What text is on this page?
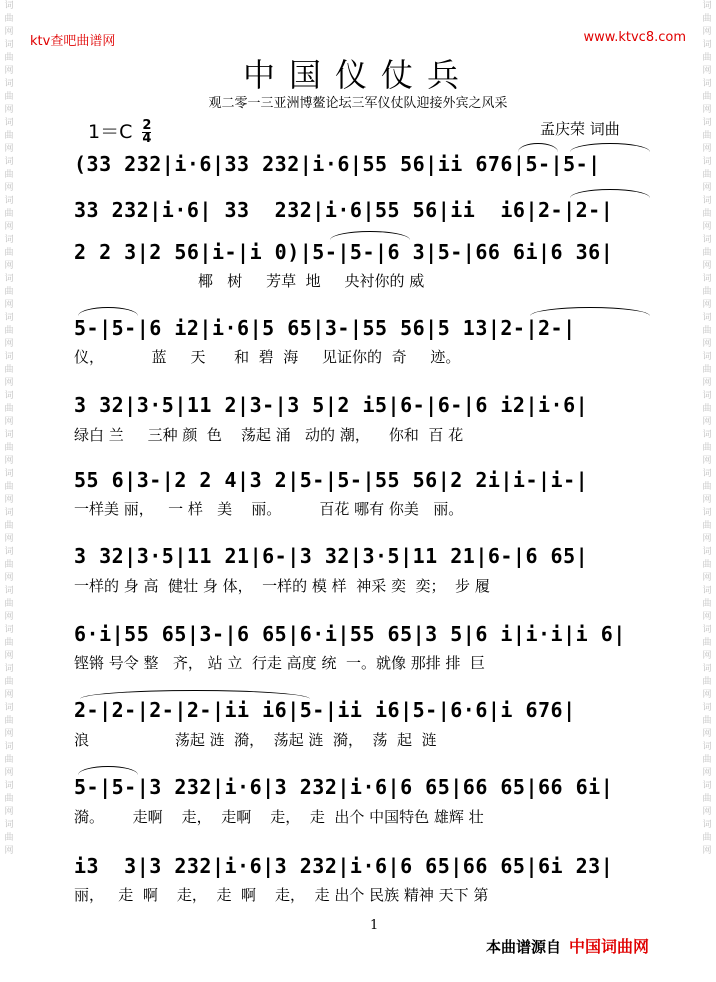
词
曲
网
词
曲
网
词
曲
网
词
曲
网
词
曲
网
词
曲
网
词
曲
网
词
曲
网
词
曲
网
词
曲
网
词
曲
网
词
曲
网
词
曲
网
词
曲
网
词
曲
网
词
曲
网
词
曲
网
词
曲
网
词
曲
网
词
曲
网
词
曲
网
词
曲
网
词
曲
网
词
曲
网
词
曲
网
词
曲
网
词
曲
网
词
曲
网
词
曲
网
词
曲
网
词
曲
网
词
曲
网
词
曲
网
词
曲
网
词
曲
网
词
曲
网
词
曲
网
词
曲
网
词
曲
网
词
曲
网
词
曲
网
词
曲
网
词
曲
网
词
曲
网
ktv查吧曲谱网	www.ktvc8.com
中国仪仗兵
观二零一三亚洲博鳌论坛三军仪仗队迎接外宾之风采
$1=C \frac{2}{4}$	孟庆荣 词曲
(33 232|i·6|33 232|i·6|55 56|ii 676|5-|5-|
33 232|i·6| 33  232|i·6|55 56|ii  i6|2-|2-|
2 2 3|2 56|i-|i 0)|5-|5-|6 3|5-|66 6i|6 36|
椰   树     芳草  地     央衬你的 威
5-|5-|6 i2|i·6|5 65|3-|55 56|5 13|2-|2-|
仪，          蓝     天      和  碧  海     见证你的  奇     迹。
3 32|3·5|11 2|3-|3 5|2 i5|6-|6-|6 i2|i·6|
绿白 兰     三种 颜  色    荡起 涌   动的 潮，    你和  百 花
55 6|3-|2 2 4|3 2|5-|5-|55 56|2 2i|i-|i-|
一样美 丽，   一 样   美    丽。        百花 哪有 你美   丽。
3 32|3·5|11 21|6-|3 32|3·5|11 21|6-|6 65|
一样的 身 高  健壮 身 体，  一样的 模 样  神采 奕  奕；  步 履
6·i|55 65|3-|6 65|6·i|55 65|3 5|6 i|i·i|i 6|
铿锵 号令 整   齐， 站 立  行走 高度 统  一。就像 那排 排  巨
2-|2-|2-|2-|ii i6|5-|ii i6|5-|6·6|i 676|
浪                  荡起 涟  漪，  荡起 涟  漪，  荡  起  涟
5-|5-|3 232|i·6|3 232|i·6|6 65|66 65|66 6i|
漪。      走啊    走，  走啊    走，  走  出个 中国特色 雄辉 壮
i3  3|3 232|i·6|3 232|i·6|6 65|66 65|6i 23|
丽，   走  啊    走，  走  啊    走，  走 出个 民族 精神 天下 第
1
本曲谱源自 中国词曲网
